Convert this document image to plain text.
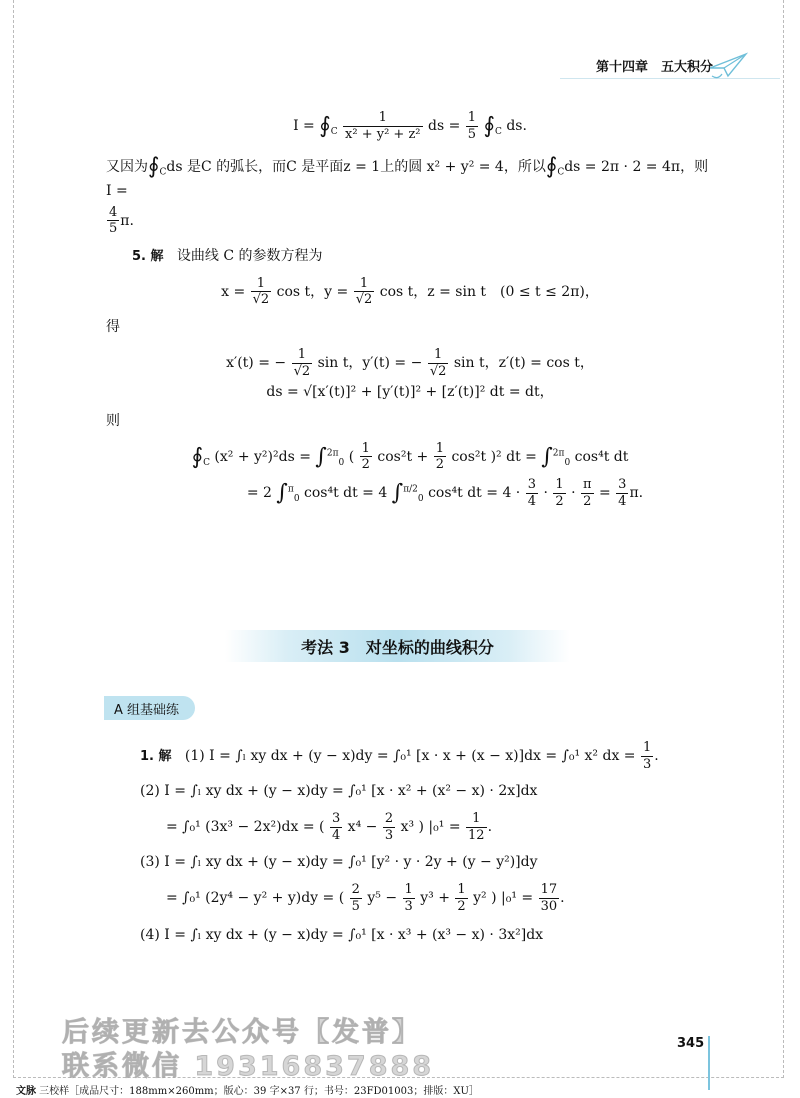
第十四章　五大积分
$I = ∮_C \frac{1}{\text{x² + y² + z²}}$ ds = $\frac{1}{5}$ $∮_C$ ds.
又因为$∮_Cds$ 是C 的弧长，而C 是平面z = 1上的圆 x² + y² = 4，所以$∮_Cds = 2\pi \cdot 2 = 4\pi$，则 I =
$\frac{4}{5} \pi$.
5. 解 设曲线 C 的参数方程为
$x = \frac{1}{√2}$ cos t，$y = \frac{1}{√2}$ cos t，z = sin t　(0 ≤ t ≤ 2π)，
得
x′(t) = − $\frac{1}{√2}$ sin t，y′(t) = − $\frac{1}{√2}$ sin t，z′(t) = cos t，
ds = √[x′(t)]² + [y′(t)]² + [z′(t)]² dt = dt，
则
$∮_C$ (x² + y²)²ds = ∫$^{2\pi}_0$ ( $\frac{1}{2} \cos^2t + \frac{1}{2} \cos^2t$ )² dt = ∫$^{2\pi}_0$ cos⁴t dt
= 2 ∫$^\pi_0$ cos⁴t dt = 4 ∫$^{\pi/2}_0$ cos⁴t dt = $4 \cdot \frac{3}{4} \cdot \frac{1}{2} \cdot \frac{\pi}{2} = \frac{3}{4} \pi$.
考法 3　对坐标的曲线积分
A 组基础练
1. 解 (1) I = ∫ₗ xy dx + (y − x)dy = ∫₀¹ [x · x + (x − x)]dx = ∫₀¹ x² dx = $\frac{1}{3}$ .
(2) I = ∫ₗ xy dx + (y − x)dy = ∫₀¹ [x · x² + (x² − x) · 2x]dx
= ∫₀¹ (3x³ − 2x²)dx = ( $\frac{3}{4} x^4 - \frac{2}{3} x^3$ ) $|_0^1 = \frac{1}{12}$ .
(3) I = ∫ₗ xy dx + (y − x)dy = ∫₀¹ [y² · y · 2y + (y − y²)]dy
= ∫₀¹ (2y⁴ − y² + y)dy = ( $\frac{2}{5} y^5 - \frac{1}{3} y^3 + \frac{1}{2} y^2$ ) $|_0^1 = \frac{17}{30}$ .
(4) I = ∫ₗ xy dx + (y − x)dy = ∫₀¹ [x · x³ + (x³ − x) · 3x²]dx
后续更新去公众号【发普】
联系微信 19316837888
345
文脉 三校样［成品尺寸：188mm×260mm；版心：39 字×37 行；书号：23FD01003；排版：XU］
